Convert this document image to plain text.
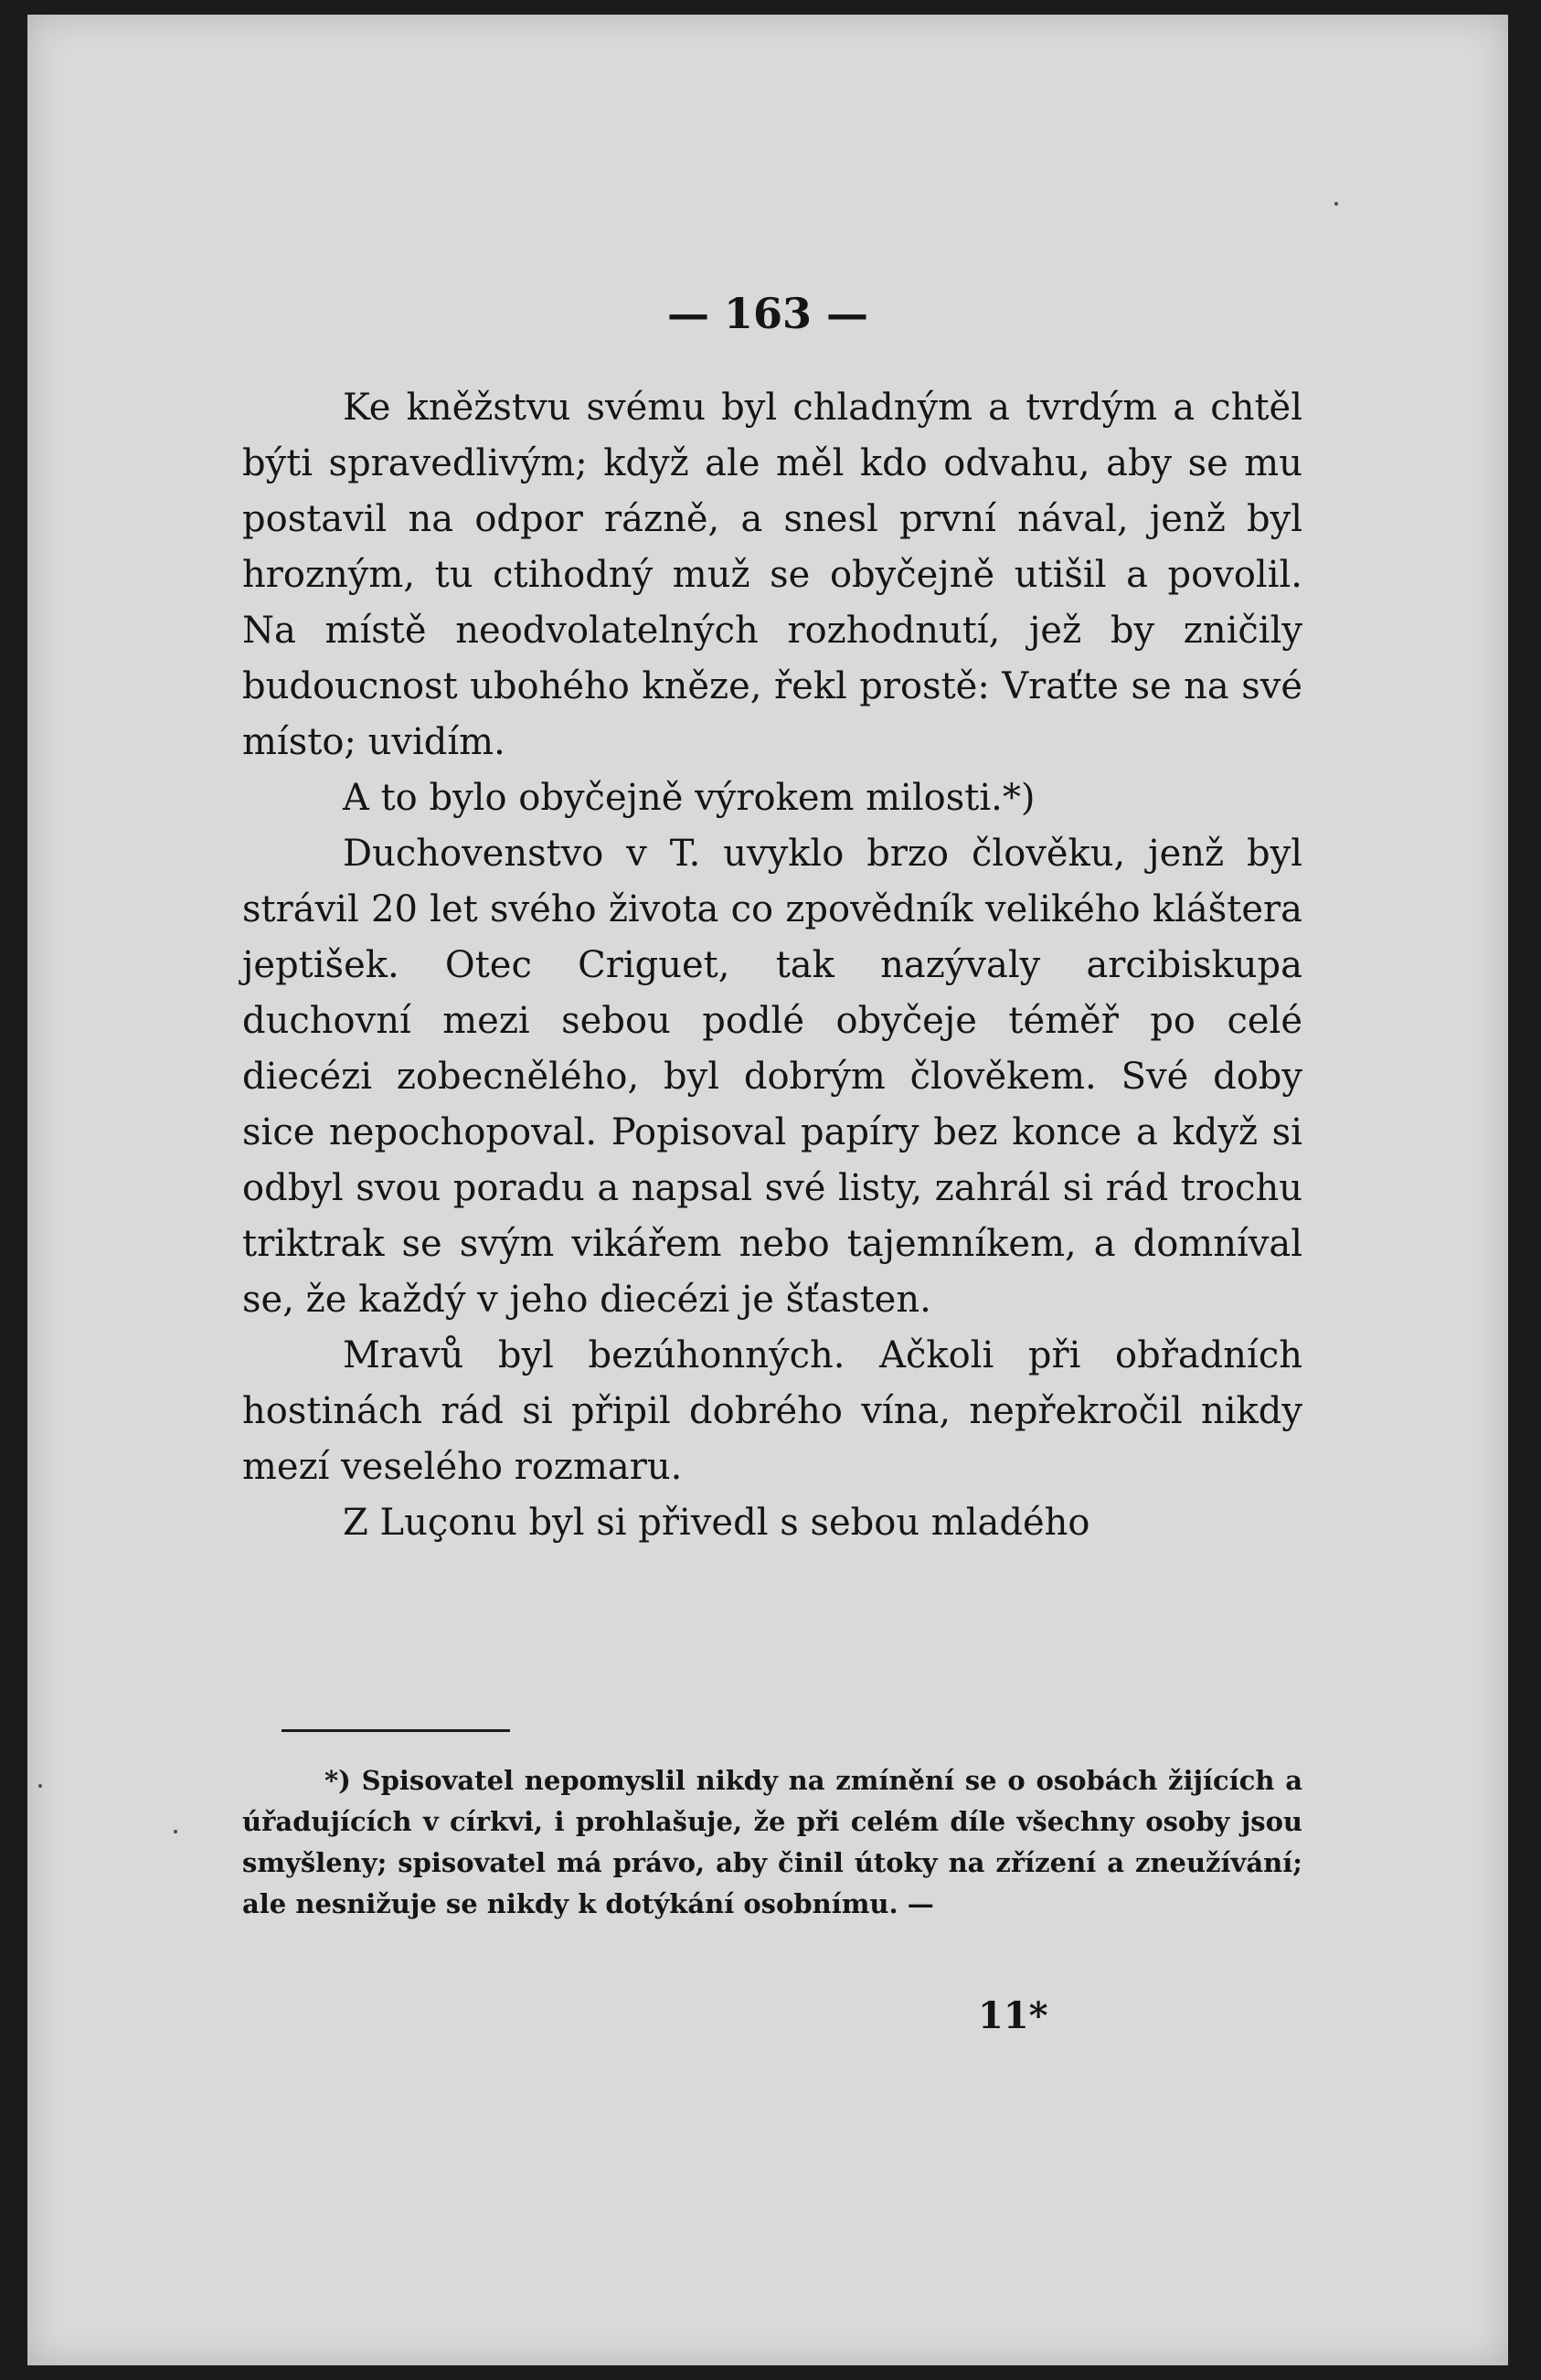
— 163 —

Ke kněžstvu svému byl chladným a tvrdým a chtěl býti spravedlivým; když ale měl kdo odvahu, aby se mu postavil na odpor rázně, a snesl první nával, jenž byl hrozným, tu ctihodný muž se obyčejně utišil a povolil. Na místě neodvolatelných rozhodnutí, jež by zničily budoucnost ubohého kněze, řekl prostě: Vraťte se na své místo; uvidím.

A to bylo obyčejně výrokem milosti.*)

Duchovenstvo v T. uvyklo brzo člověku, jenž byl strávil 20 let svého života co zpovědník velikého kláštera jeptišek. Otec Criguet, tak nazývaly arcibiskupa duchovní mezi sebou podlé obyčeje téměř po celé diecézi zobecnělého, byl dobrým člověkem. Své doby sice nepochopoval. Popisoval papíry bez konce a když si odbyl svou poradu a napsal své listy, zahrál si rád trochu triktrak se svým vikářem nebo tajemníkem, a domníval se, že každý v jeho diecézi je šťasten.

Mravů byl bezúhonných. Ačkoli při obřadních hostinách rád si připil dobrého vína, nepřekročil nikdy mezí veselého rozmaru.

Z Luçonu byl si přivedl s sebou mladého

*) Spisovatel nepomyslil nikdy na zmínění se o osobách žijících a úřadujících v církvi, i prohlašuje, že při celém díle všechny osoby jsou smyšleny; spisovatel má právo, aby činil útoky na zřízení a zneužívání; ale nesnižuje se nikdy k dotýkání osobnímu. —

11*
